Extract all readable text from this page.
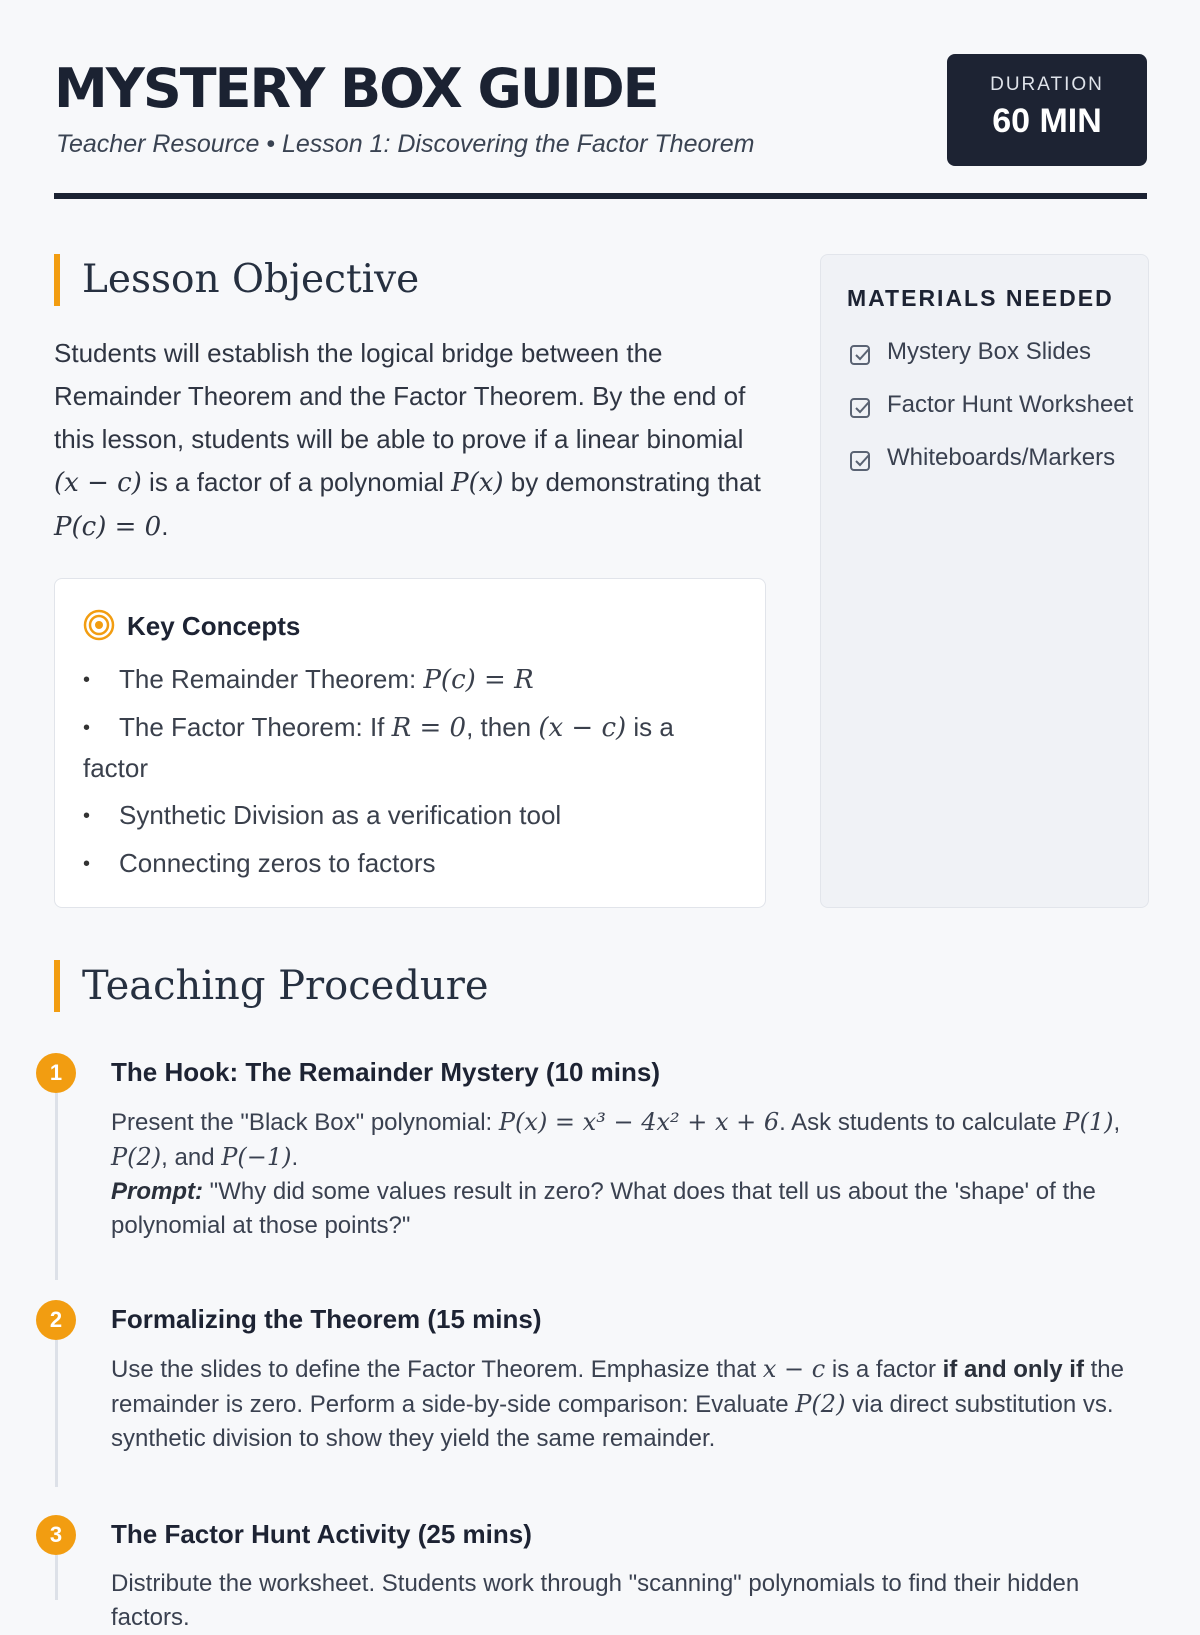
MYSTERY BOX GUIDE
Teacher Resource • Lesson 1: Discovering the Factor Theorem
DURATION
60 MIN
Lesson Objective
Students will establish the logical bridge between the Remainder Theorem and the Factor Theorem. By the end of this lesson, students will be able to prove if a linear binomial (x − c) is a factor of a polynomial P(x) by demonstrating that P(c) = 0.
Key Concepts
• The Remainder Theorem: P(c) = R
• The Factor Theorem: If R = 0, then (x − c) is a factor
• Synthetic Division as a verification tool
• Connecting zeros to factors
MATERIALS NEEDED
Mystery Box Slides
Factor Hunt Worksheet
Whiteboards/Markers
Teaching Procedure
1	The Hook: The Remainder Mystery (10 mins)
Present the "Black Box" polynomial: P(x) = x³ − 4x² + x + 6. Ask students to calculate P(1), P(2), and P(−1).
Prompt: "Why did some values result in zero? What does that tell us about the 'shape' of the polynomial at those points?"
2	Formalizing the Theorem (15 mins)
Use the slides to define the Factor Theorem. Emphasize that x − c is a factor if and only if the remainder is zero. Perform a side-by-side comparison: Evaluate P(2) via direct substitution vs. synthetic division to show they yield the same remainder.
3	The Factor Hunt Activity (25 mins)
Distribute the worksheet. Students work through "scanning" polynomials to find their hidden factors.
